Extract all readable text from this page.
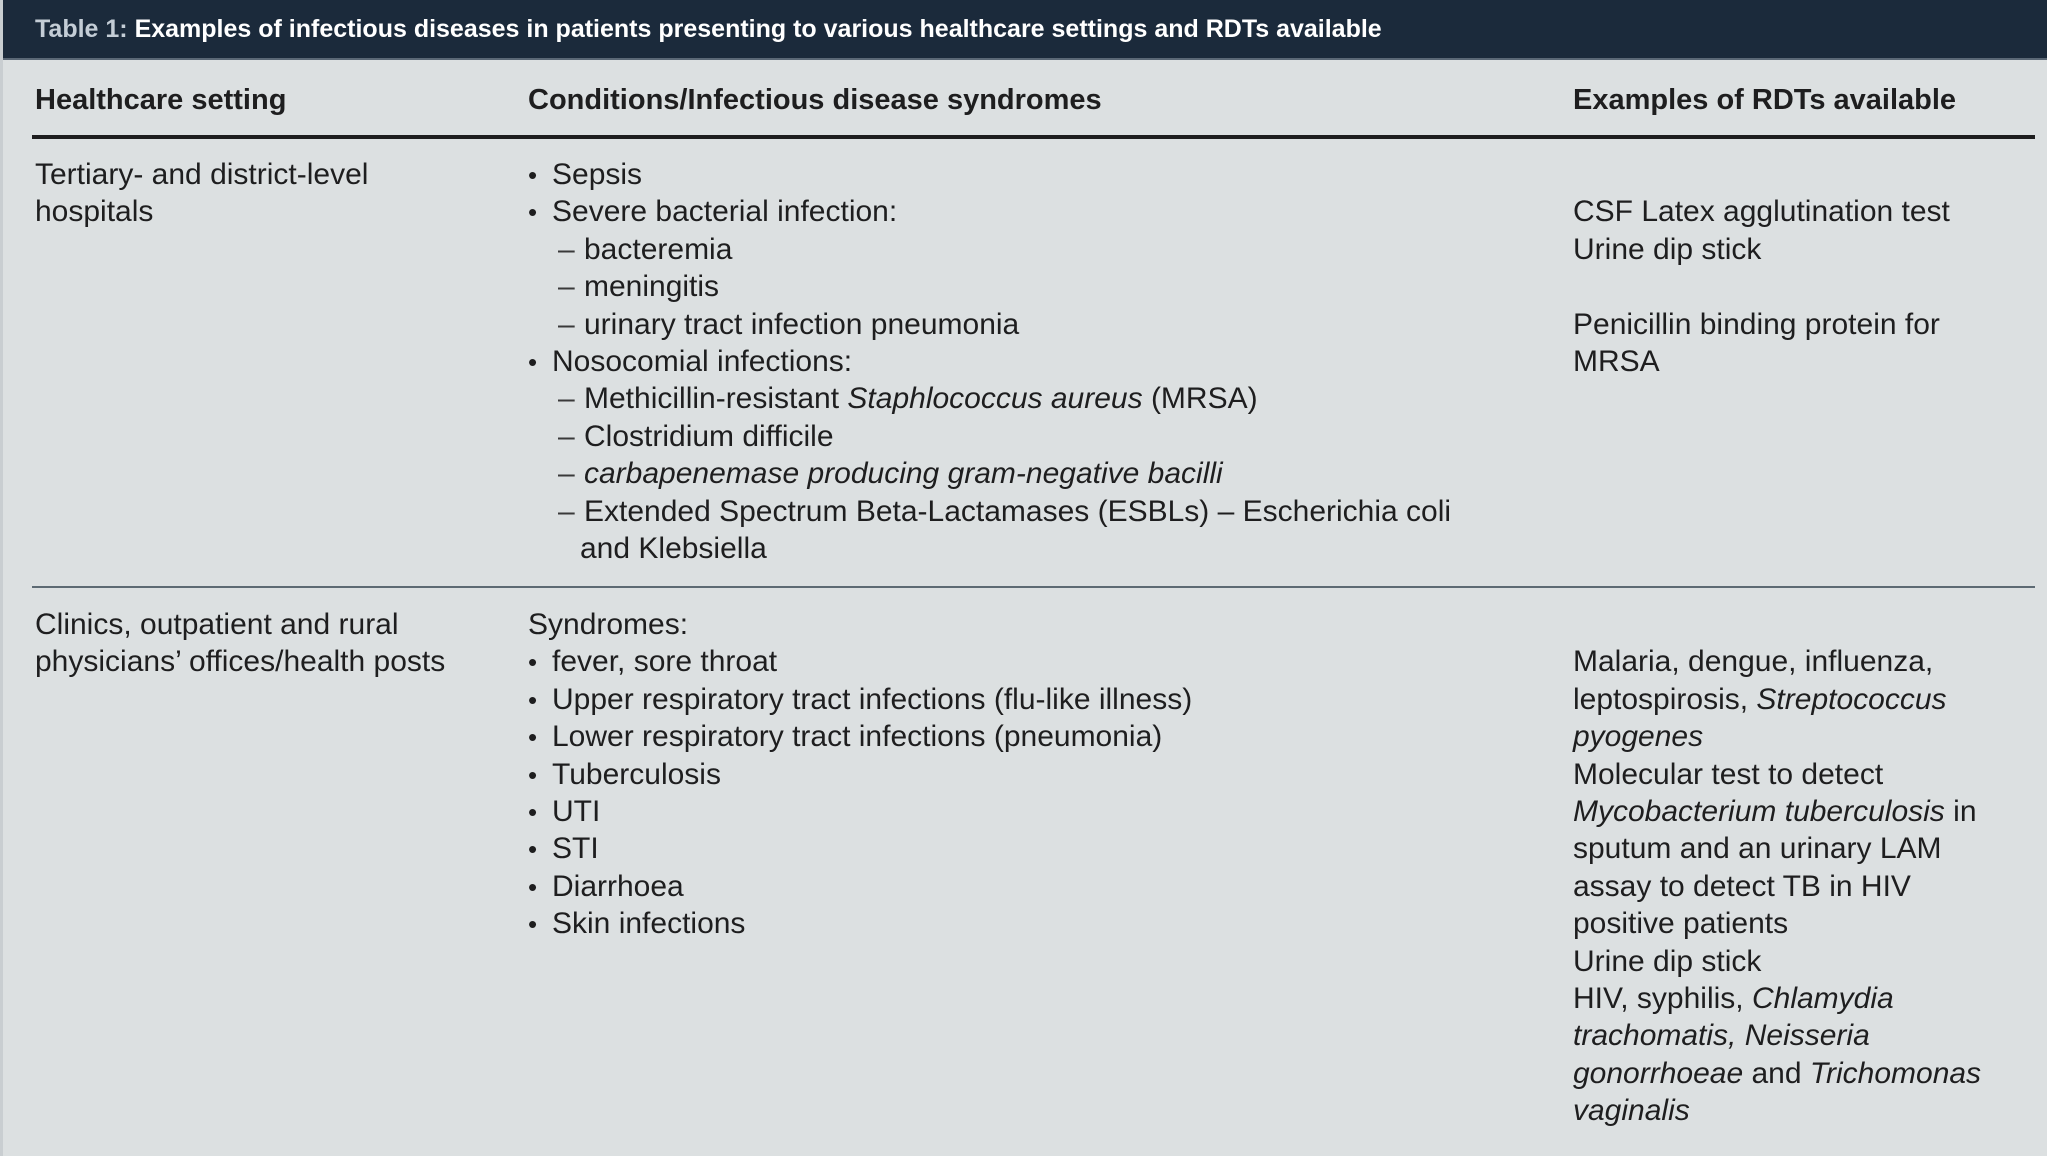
Table 1: Examples of infectious diseases in patients presenting to various healthcare settings and RDTs available
Healthcare setting	Conditions/Infectious disease syndromes	Examples of RDTs available
Tertiary- and district-level
hospitals
• Sepsis
• Severe bacterial infection:
– bacteremia
– meningitis
– urinary tract infection pneumonia
• Nosocomial infections:
– Methicillin-resistant Staphlococcus aureus (MRSA)
– Clostridium difficile
– carbapenemase producing gram-negative bacilli
– Extended Spectrum Beta-Lactamases (ESBLs) – Escherichia coli
and Klebsiella
CSF Latex agglutination test
Urine dip stick
Penicillin binding protein for
MRSA
Clinics, outpatient and rural
physicians’ offices/health posts
Syndromes:
• fever, sore throat
• Upper respiratory tract infections (flu-like illness)
• Lower respiratory tract infections (pneumonia)
• Tuberculosis
• UTI
• STI
• Diarrhoea
• Skin infections
Malaria, dengue, influenza,
leptospirosis, Streptococcus
pyogenes
Molecular test to detect
Mycobacterium tuberculosis in
sputum and an urinary LAM
assay to detect TB in HIV
positive patients
Urine dip stick
HIV, syphilis, Chlamydia
trachomatis, Neisseria
gonorrhoeae and Trichomonas
vaginalis
